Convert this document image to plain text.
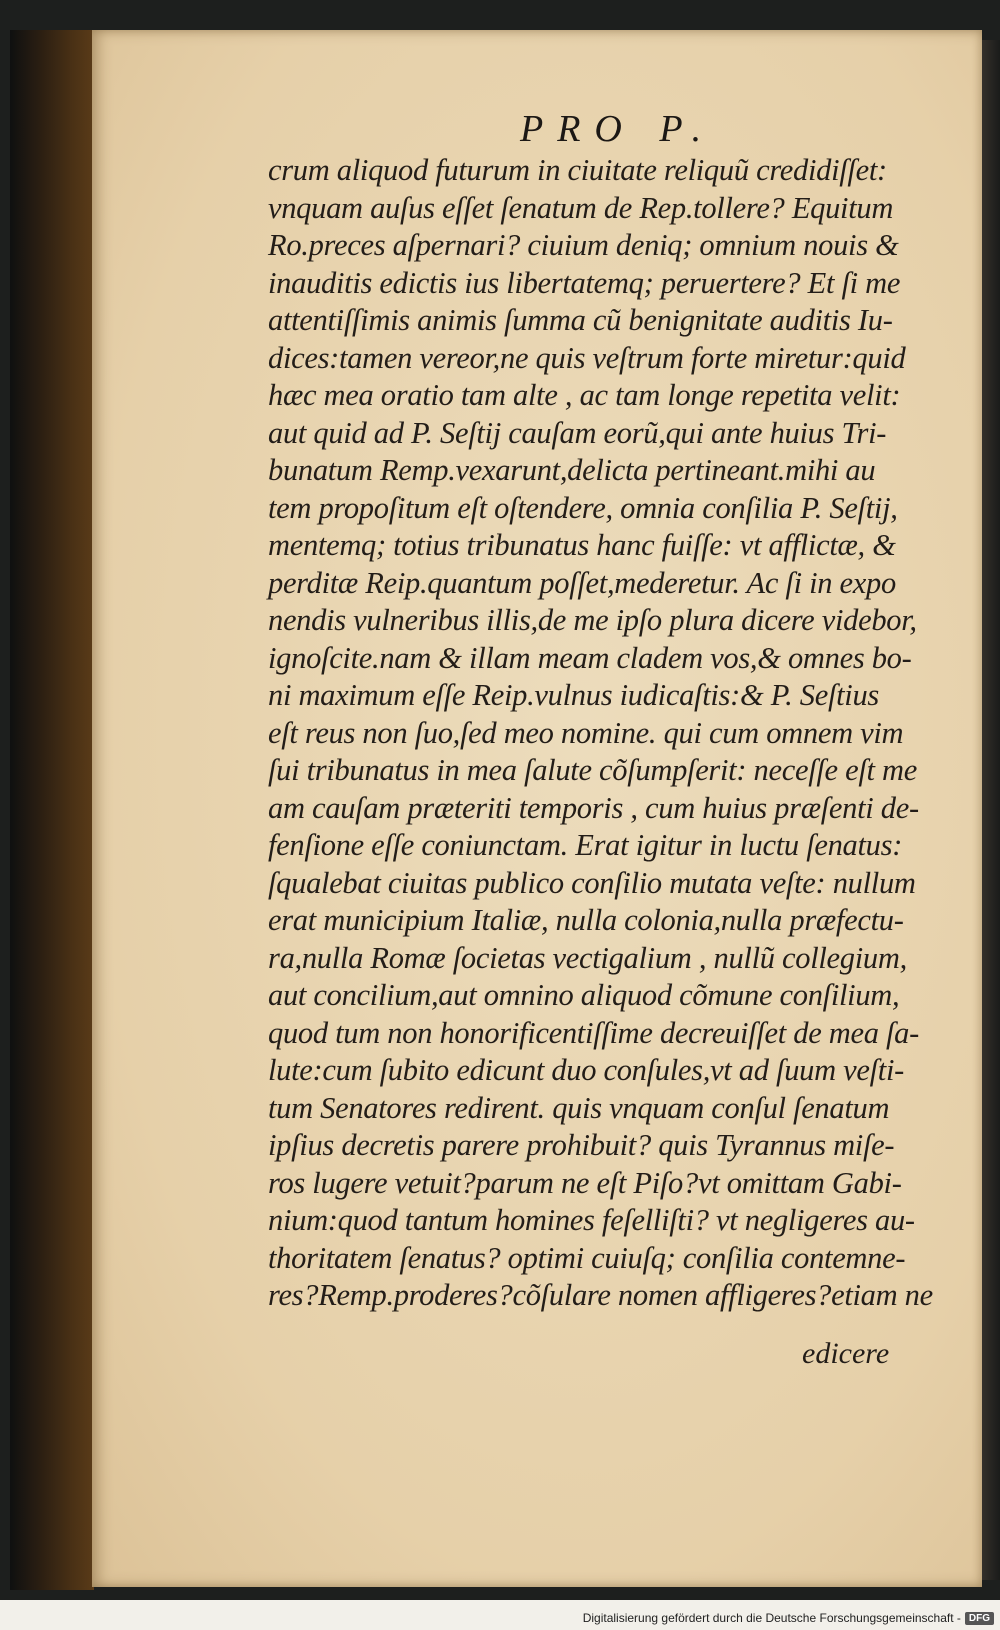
PRO P.
crum aliquod futurum in ciuitate reliquũ credidiſſet:
vnquam auſus eſſet ſenatum de Rep.tollere? Equitum
Ro.preces aſpernari? ciuium deniq; omnium nouis &
inauditis edictis ius libertatemq; peruertere? Et ſi me
attentiſſimis animis ſumma cũ benignitate auditis Iu-
dices:tamen vereor,ne quis veſtrum forte miretur:quid
hæc mea oratio tam alte , ac tam longe repetita velit:
aut quid ad P. Seſtij cauſam eorũ,qui ante huius Tri-
bunatum Remp.vexarunt,delicta pertineant.mihi au
tem propoſitum eſt oſtendere, omnia conſilia P. Seſtij,
mentemq; totius tribunatus hanc fuiſſe: vt afflictæ, &
perditæ Reip.quantum poſſet,mederetur. Ac ſi in expo
nendis vulneribus illis,de me ipſo plura dicere videbor,
ignoſcite.nam & illam meam cladem vos,& omnes bo-
ni maximum eſſe Reip.vulnus iudicaſtis:& P. Seſtius
eſt reus non ſuo,ſed meo nomine. qui cum omnem vim
ſui tribunatus in mea ſalute cõſumpſerit: neceſſe eſt me
am cauſam præteriti temporis , cum huius præſenti de-
fenſione eſſe coniunctam. Erat igitur in luctu ſenatus:
ſqualebat ciuitas publico conſilio mutata veſte: nullum
erat municipium Italiæ, nulla colonia,nulla præfectu-
ra,nulla Romæ ſocietas vectigalium , nullũ collegium,
aut concilium,aut omnino aliquod cõmune conſilium,
quod tum non honorificentiſſime decreuiſſet de mea ſa-
lute:cum ſubito edicunt duo conſules,vt ad ſuum veſti-
tum Senatores redirent. quis vnquam conſul ſenatum
ipſius decretis parere prohibuit? quis Tyrannus miſe-
ros lugere vetuit?parum ne eſt Piſo?vt omittam Gabi-
nium:quod tantum homines feſelliſti? vt negligeres au-
thoritatem ſenatus? optimi cuiuſq; conſilia contemne-
res?Remp.proderes?cõſulare nomen affligeres?etiam ne
edicere
Digitalisierung gefördert durch die Deutsche Forschungsgemeinschaft - DFG
